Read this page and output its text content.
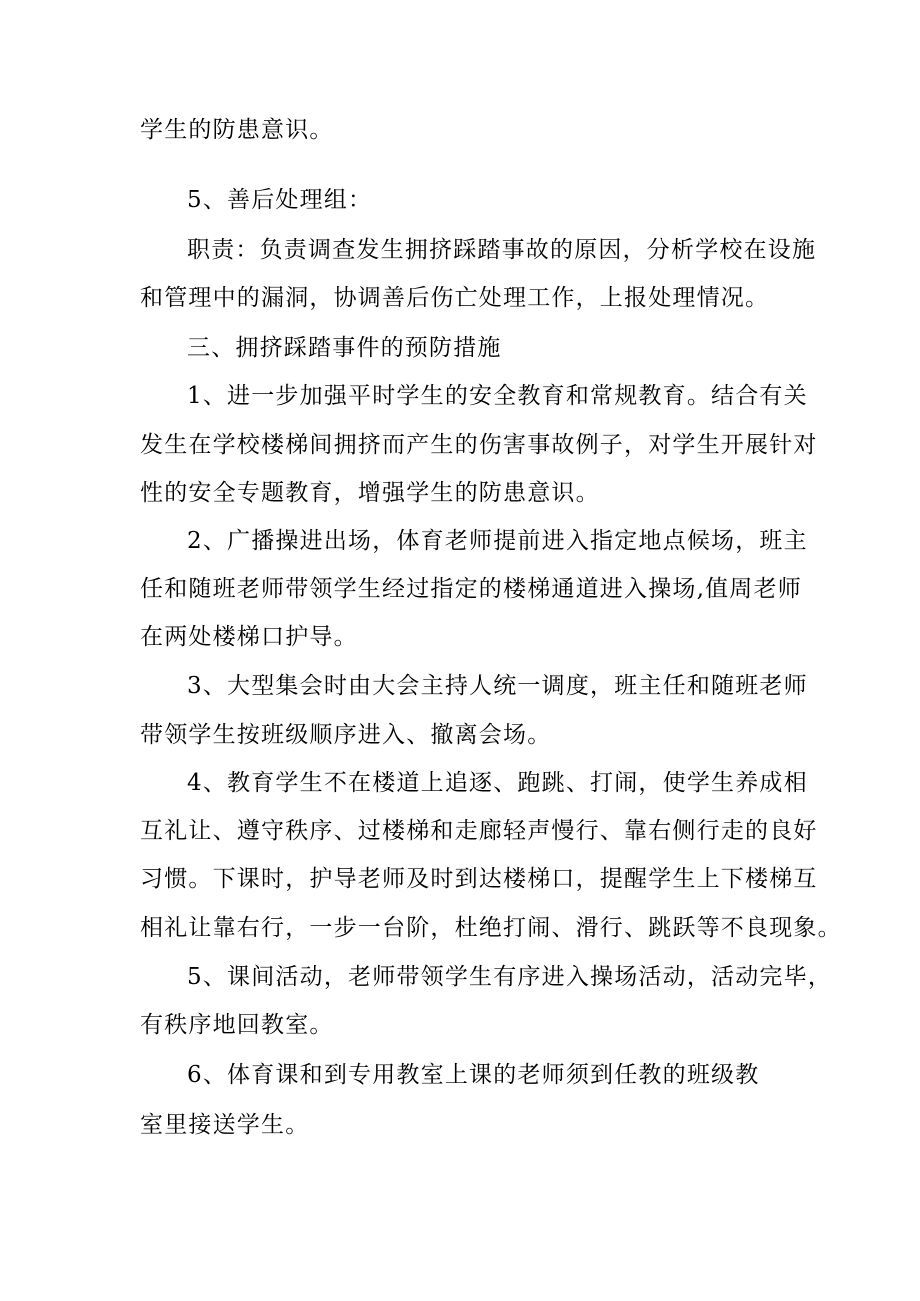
学生的防患意识。
5、善后处理组：
职责：负责调查发生拥挤踩踏事故的原因，分析学校在设施
和管理中的漏洞，协调善后伤亡处理工作，上报处理情况。
三、拥挤踩踏事件的预防措施
1、进一步加强平时学生的安全教育和常规教育。结合有关
发生在学校楼梯间拥挤而产生的伤害事故例子，对学生开展针对
性的安全专题教育，增强学生的防患意识。
2、广播操进出场，体育老师提前进入指定地点候场，班主
任和随班老师带领学生经过指定的楼梯通道进入操场,值周老师
在两处楼梯口护导。
3、大型集会时由大会主持人统一调度，班主任和随班老师
带领学生按班级顺序进入、撤离会场。
4、教育学生不在楼道上追逐、跑跳、打闹，使学生养成相
互礼让、遵守秩序、过楼梯和走廊轻声慢行、靠右侧行走的良好
习惯。下课时，护导老师及时到达楼梯口，提醒学生上下楼梯互
相礼让靠右行，一步一台阶，杜绝打闹、滑行、跳跃等不良现象。
5、课间活动，老师带领学生有序进入操场活动，活动完毕，
有秩序地回教室。
6、体育课和到专用教室上课的老师须到任教的班级教
室里接送学生。
